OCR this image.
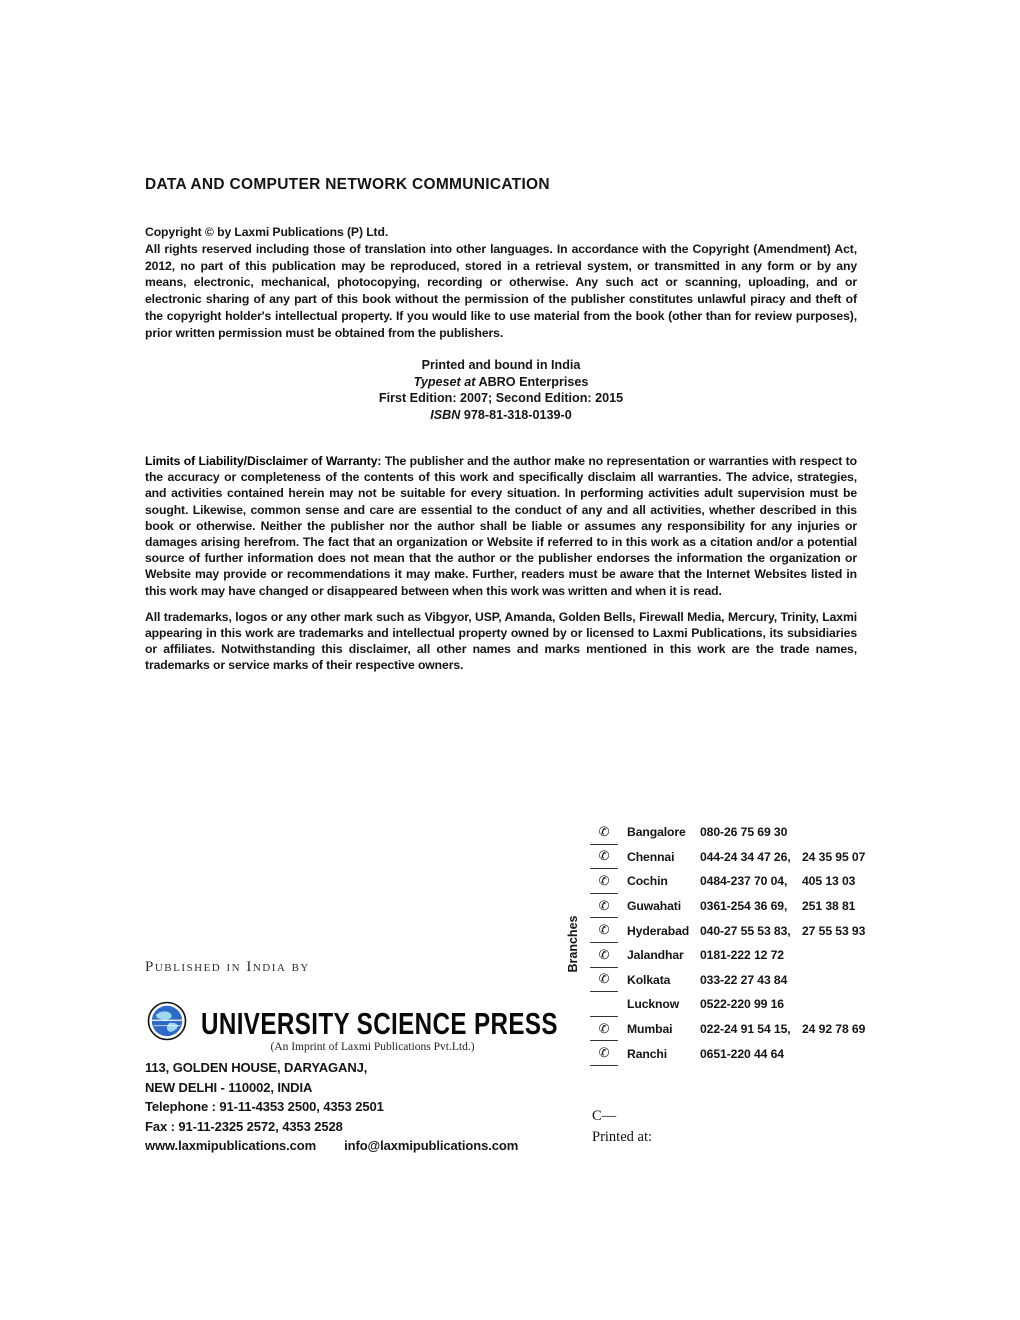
DATA AND COMPUTER NETWORK COMMUNICATION
Copyright © by Laxmi Publications (P) Ltd.
All rights reserved including those of translation into other languages. In accordance with the Copyright (Amendment) Act, 2012, no part of this publication may be reproduced, stored in a retrieval system, or transmitted in any form or by any means, electronic, mechanical, photocopying, recording or otherwise. Any such act or scanning, uploading, and or electronic sharing of any part of this book without the permission of the publisher constitutes unlawful piracy and theft of the copyright holder's intellectual property. If you would like to use material from the book (other than for review purposes), prior written permission must be obtained from the publishers.
Printed and bound in India
Typeset at ABRO Enterprises
First Edition: 2007; Second Edition: 2015
ISBN 978-81-318-0139-0
Limits of Liability/Disclaimer of Warranty: The publisher and the author make no representation or warranties with respect to the accuracy or completeness of the contents of this work and specifically disclaim all warranties. The advice, strategies, and activities contained herein may not be suitable for every situation. In performing activities adult supervision must be sought. Likewise, common sense and care are essential to the conduct of any and all activities, whether described in this book or otherwise. Neither the publisher nor the author shall be liable or assumes any responsibility for any injuries or damages arising herefrom. The fact that an organization or Website if referred to in this work as a citation and/or a potential source of further information does not mean that the author or the publisher endorses the information the organization or Website may provide or recommendations it may make. Further, readers must be aware that the Internet Websites listed in this work may have changed or disappeared between when this work was written and when it is read.
All trademarks, logos or any other mark such as Vibgyor, USP, Amanda, Golden Bells, Firewall Media, Mercury, Trinity, Laxmi appearing in this work are trademarks and intellectual property owned by or licensed to Laxmi Publications, its subsidiaries or affiliates. Notwithstanding this disclaimer, all other names and marks mentioned in this work are the trade names, trademarks or service marks of their respective owners.
Branches
✆	Bangalore	080-26 75 69 30
✆	Chennai	044-24 34 47 26, 24 35 95 07
✆	Cochin	0484-237 70 04,	405 13 03
✆	Guwahati	0361-254 36 69,	251 38 81
✆	Hyderabad 040-27 55 53 83, 27 55 53 93
✆	Jalandhar	0181-222 12 72
✆	Kolkata	033-22 27 43 84
Lucknow	0522-220 99 16
✆	Mumbai	022-24 91 54 15, 24 92 78 69
✆	Ranchi	0651-220 44 64
Published in India by
UNIVERSITY SCIENCE PRESS
(An Imprint of Laxmi Publications Pvt.Ltd.)
113, GOLDEN HOUSE, DARYAGANJ,
NEW DELHI - 110002, INDIA
Telephone : 91-11-4353 2500, 4353 2501
Fax : 91-11-2325 2572, 4353 2528
www.laxmipublications.com info@laxmipublications.com
C—
Printed at:
